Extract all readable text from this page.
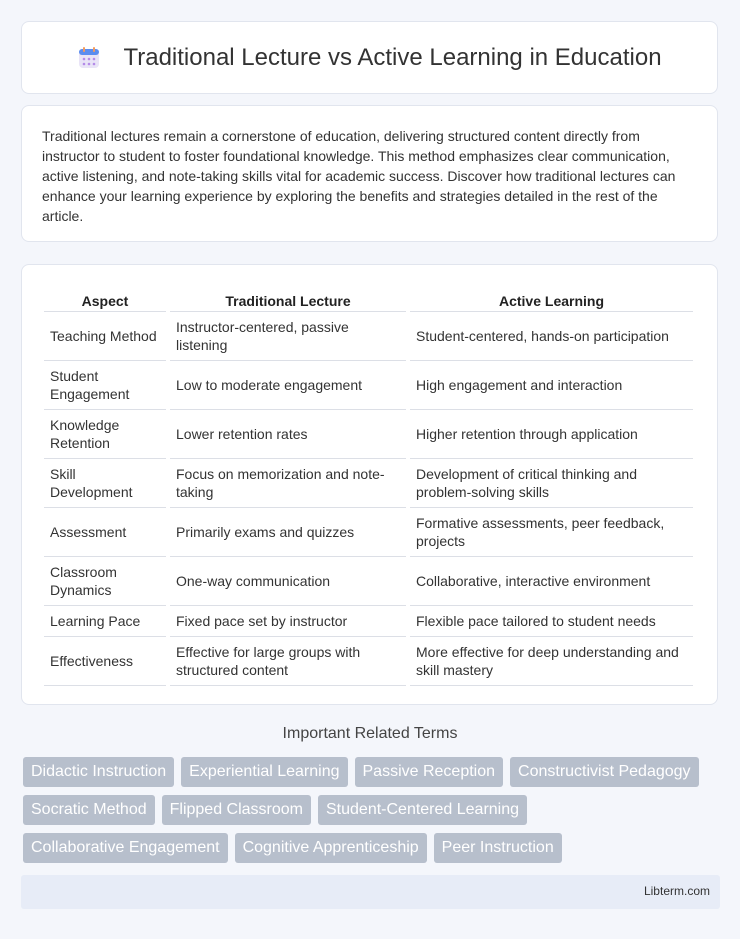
Traditional Lecture vs Active Learning in Education

Traditional lectures remain a cornerstone of education, delivering structured content directly from instructor to student to foster foundational knowledge. This method emphasizes clear communication, active listening, and note-taking skills vital for academic success. Discover how traditional lectures can enhance your learning experience by exploring the benefits and strategies detailed in the rest of the article.

Aspect	Traditional Lecture	Active Learning
Teaching Method	Instructor-centered, passive listening	Student-centered, hands-on participation
Student Engagement	Low to moderate engagement	High engagement and interaction
Knowledge Retention	Lower retention rates	Higher retention through application
Skill Development	Focus on memorization and note-taking	Development of critical thinking and problem-solving skills
Assessment	Primarily exams and quizzes	Formative assessments, peer feedback, projects
Classroom Dynamics	One-way communication	Collaborative, interactive environment
Learning Pace	Fixed pace set by instructor	Flexible pace tailored to student needs
Effectiveness	Effective for large groups with structured content	More effective for deep understanding and skill mastery
Important Related Terms
Didactic Instruction	Experiential Learning	Passive Reception	Constructivist Pedagogy
Socratic Method	Flipped Classroom	Student-Centered Learning
Collaborative Engagement	Cognitive Apprenticeship	Peer Instruction
Libterm.com
